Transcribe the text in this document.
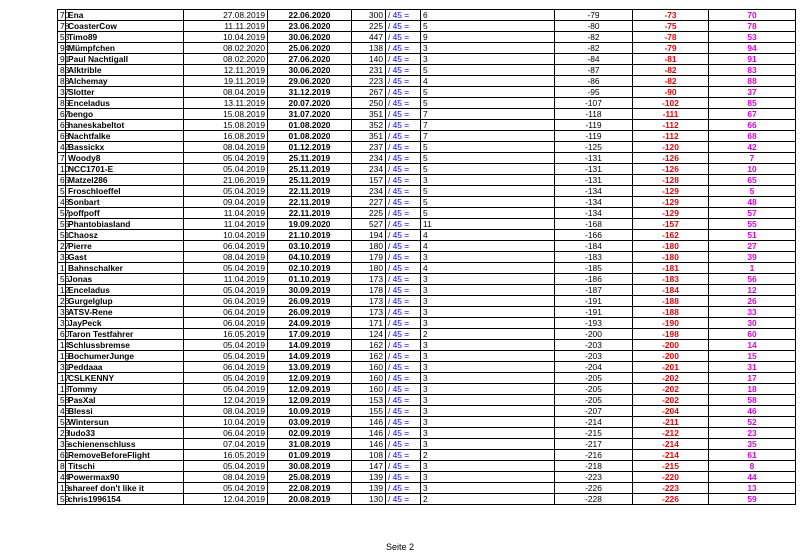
70	Ena	27.08.2019	22.06.2020	300	/ 45 =	6	-79	-73	70
78	CoasterCow	11.11.2019	23.06.2020	225	/ 45 =	5	-80	-75	78
53	Timo89	10.04.2019	30.06.2020	447	/ 45 =	9	-82	-78	53
94	Mümpfchen	08.02.2020	25.06.2020	138	/ 45 =	3	-82	-79	94
91	Paul Nachtigall	08.02.2020	27.06.2020	140	/ 45 =	3	-84	-81	91
83	Alktrible	12.11.2019	30.06.2020	231	/ 45 =	5	-87	-82	83
88	Alchemay	19.11.2019	29.06.2020	223	/ 45 =	4	-86	-82	88
37	Slotter	08.04.2019	31.12.2019	267	/ 45 =	5	-95	-90	37
85	Enceladus	13.11.2019	20.07.2020	250	/ 45 =	5	-107	-102	85
67	bengo	15.08.2019	31.07.2020	351	/ 45 =	7	-118	-111	67
66	haneskabeltot	15.08.2019	01.08.2020	352	/ 45 =	7	-119	-112	66
68	Nachtfalke	16.08.2019	01.08.2020	351	/ 45 =	7	-119	-112	68
42	Bassickx	08.04.2019	01.12.2019	237	/ 45 =	5	-125	-120	42
7	Woody8	05.04.2019	25.11.2019	234	/ 45 =	5	-131	-126	7
10	NCC1701-E	05.04.2019	25.11.2019	234	/ 45 =	5	-131	-126	10
65	Matzel286	21.06.2019	25.11.2019	157	/ 45 =	3	-131	-128	65
5	Froschloeffel	05.04.2019	22.11.2019	234	/ 45 =	5	-134	-129	5
48	Sonbart	09.04.2019	22.11.2019	227	/ 45 =	5	-134	-129	48
57	poffpoff	11.04.2019	22.11.2019	225	/ 45 =	5	-134	-129	57
55	Phantobiasland	11.04.2019	19.09.2020	527	/ 45 =	11	-168	-157	55
51	Chaosz	10.04.2019	21.10.2019	194	/ 45 =	4	-166	-162	51
27	Pierre	06.04.2019	03.10.2019	180	/ 45 =	4	-184	-180	27
39	Gast	08.04.2019	04.10.2019	179	/ 45 =	3	-183	-180	39
1	Bahnschalker	05.04.2019	02.10.2019	180	/ 45 =	4	-185	-181	1
56	Jonas	11.04.2019	01.10.2019	173	/ 45 =	3	-186	-183	56
12	Enceladus	05.04.2019	30.09.2019	178	/ 45 =	3	-187	-184	12
26	Gurgelglup	06.04.2019	26.09.2019	173	/ 45 =	3	-191	-188	26
33	ATSV-Rene	06.04.2019	26.09.2019	173	/ 45 =	3	-191	-188	33
30	JayPeck	06.04.2019	24.09.2019	171	/ 45 =	3	-193	-190	30
60	Taron Testfahrer	16.05.2019	17.09.2019	124	/ 45 =	2	-200	-198	60
14	Schlussbremse	05.04.2019	14.09.2019	162	/ 45 =	3	-203	-200	14
15	BochumerJunge	05.04.2019	14.09.2019	162	/ 45 =	3	-203	-200	15
31	Peddaaa	06.04.2019	13.09.2019	160	/ 45 =	3	-204	-201	31
17	CSLKENNY	05.04.2019	12.09.2019	160	/ 45 =	3	-205	-202	17
18	Tommy	05.04.2019	12.09.2019	160	/ 45 =	3	-205	-202	18
58	PasXal	12.04.2019	12.09.2019	153	/ 45 =	3	-205	-202	58
46	Blessi	08.04.2019	10.09.2019	155	/ 45 =	3	-207	-204	46
52	Wintersun	10.04.2019	03.09.2019	146	/ 45 =	3	-214	-211	52
23	ludo33	06.04.2019	02.09.2019	146	/ 45 =	3	-215	-212	23
35	schienenschluss	07.04.2019	31.08.2019	146	/ 45 =	3	-217	-214	35
61	RemoveBeforeFlight	16.05.2019	01.09.2019	108	/ 45 =	2	-216	-214	61
8	Titschi	05.04.2019	30.08.2019	147	/ 45 =	3	-218	-215	8
44	Powermax90	08.04.2019	25.08.2019	139	/ 45 =	3	-223	-220	44
13	shareef don't like it	05.04.2019	22.08.2019	139	/ 45 =	3	-226	-223	13
59	chris1996154	12.04.2019	20.08.2019	130	/ 45 =	2	-228	-226	59
Seite 2
